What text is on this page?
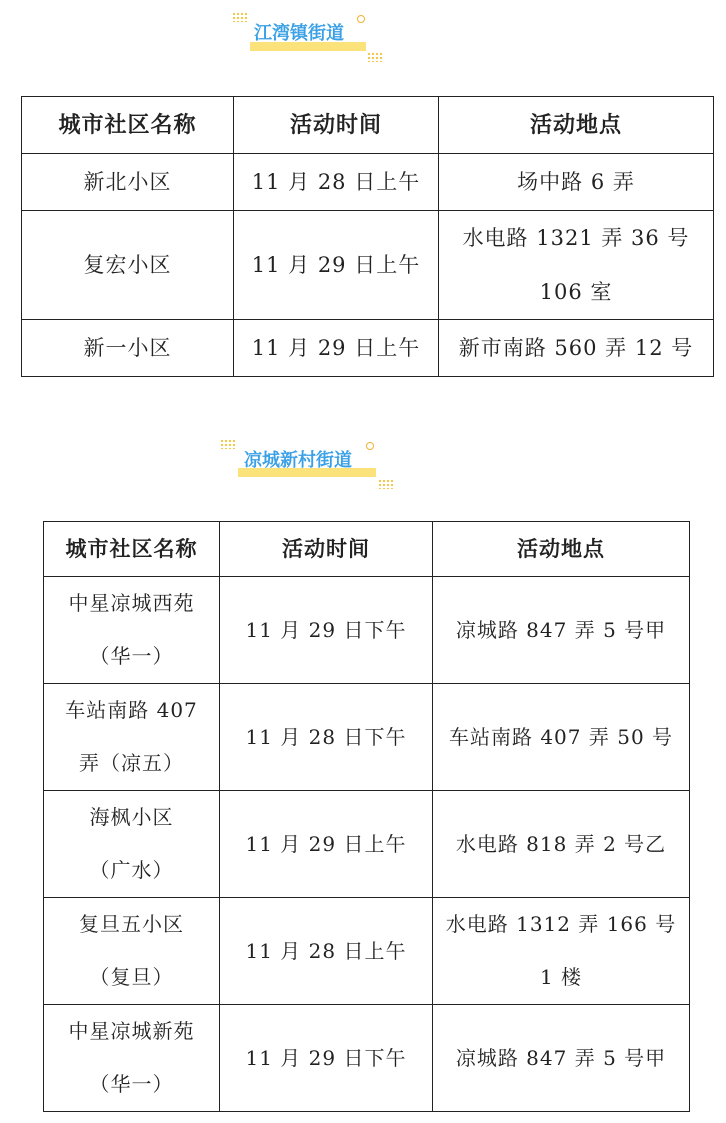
江湾镇街道
城市社区名称	活动时间	活动地点

新北小区	11 月 28 日上午	场中路 6 弄

复宏小区	11 月 29 日上午	水电路 1321 弄 36 号
106 室

新一小区	11 月 29 日上午	新市南路 560 弄 12 号
凉城新村街道
城市社区名称	活动时间	活动地点

中星凉城西苑
（华一）	11 月 29 日下午	凉城路 847 弄 5 号甲

车站南路 407
弄（凉五）	11 月 28 日下午	车站南路 407 弄 50 号

海枫小区
（广水）	11 月 29 日上午	水电路 818 弄 2 号乙

复旦五小区
（复旦）	11 月 28 日上午	水电路 1312 弄 166 号
1 楼

中星凉城新苑
（华一）	11 月 29 日下午	凉城路 847 弄 5 号甲
